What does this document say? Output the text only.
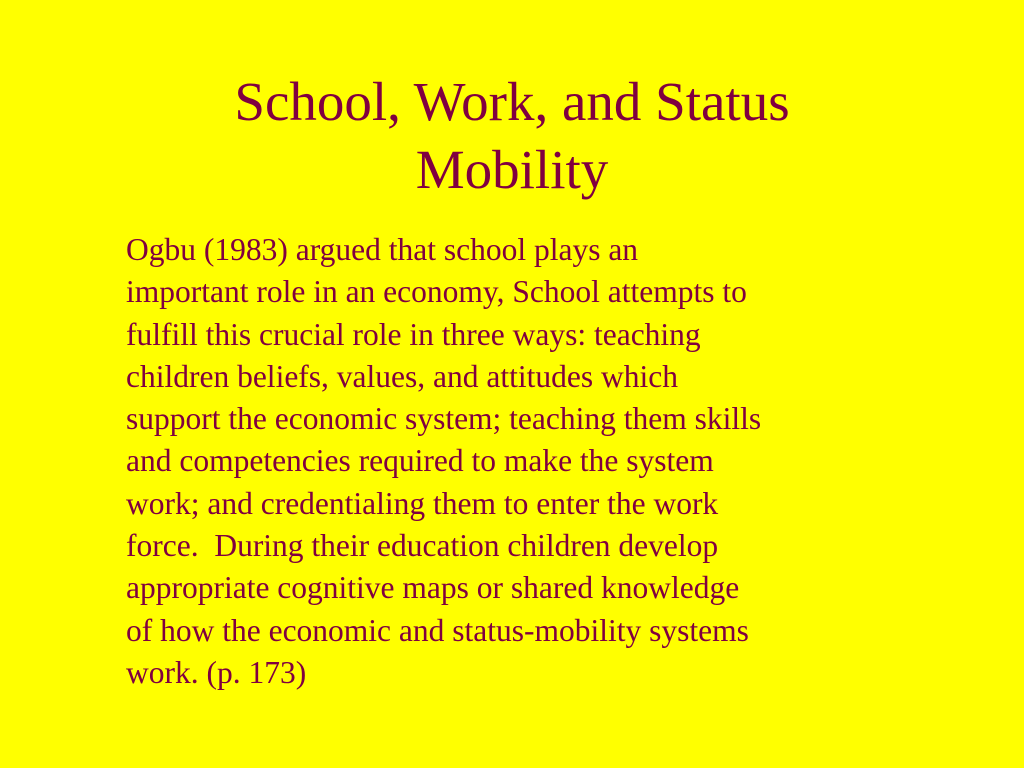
School, Work, and Status
Mobility
Ogbu (1983) argued that school plays an
important role in an economy, School attempts to
fulfill this crucial role in three ways: teaching
children beliefs, values, and attitudes which
support the economic system; teaching them skills
and competencies required to make the system
work; and credentialing them to enter the work
force.  During their education children develop
appropriate cognitive maps or shared knowledge
of how the economic and status-mobility systems
work. (p. 173)
